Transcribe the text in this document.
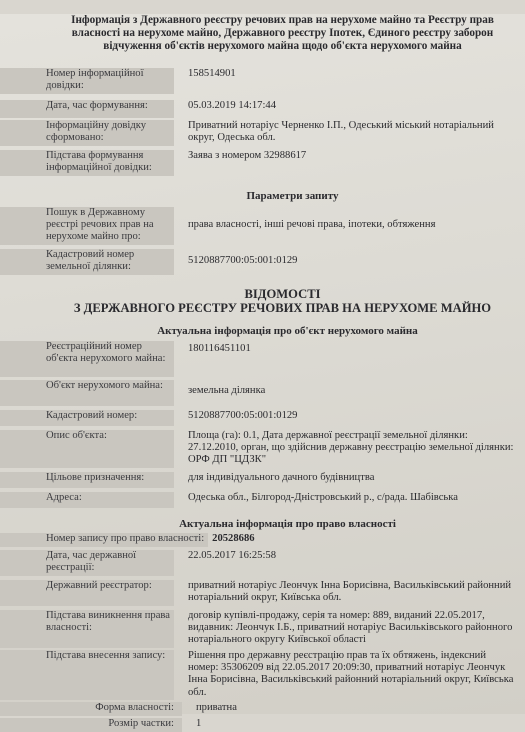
Інформація з Державного реєстру речових прав на нерухоме майно та Реєстру прав
власності на нерухоме майно, Державного реєстру Іпотек, Єдиного реєстру заборон
відчуження об'єктів нерухомого майна щодо об'єкта нерухомого майна
Номер інформаційної довідки:
158514901
Дата, час формування:	05.03.2019 14:17:44
Інформаційну довідку сформовано:
Приватний нотаріус Черненко І.П., Одеський міський нотаріальний округ, Одеська обл.
Підстава формування інформаційної довідки:
Заява з номером 32988617
Параметри запиту
Пошук в Державному реєстрі речових прав на нерухоме майно про:
права власності, інші речові права, іпотеки, обтяження
Кадастровий номер земельної ділянки:
5120887700:05:001:0129
ВІДОМОСТІ
З ДЕРЖАВНОГО РЕЄСТРУ РЕЧОВИХ ПРАВ НА НЕРУХОМЕ МАЙНО
Актуальна інформація про об'єкт нерухомого майна
Реєстраційний номер об'єкта нерухомого майна:
180116451101
Об'єкт нерухомого майна:	земельна ділянка
Кадастровий номер:	5120887700:05:001:0129
Опис об'єкта:	Площа (га): 0.1, Дата державної реєстрації земельної ділянки: 27.12.2010, орган, що здійснив державну реєстрацію земельної ділянки: ОРФ ДП "ЦДЗК"
Цільове призначення:	для індивідуального дачного будівництва
Адреса:	Одеська обл., Білгород-Дністровський р., с/рада. Шабівська
Актуальна інформація про право власності
Номер запису про право власності: 20528686
Дата, час державної реєстрації:
22.05.2017 16:25:58
Державний реєстратор:	приватний нотаріус Леончук Інна Борисівна, Васильківський районний нотаріальний округ, Київська обл.
Підстава виникнення права власності:
договір купівлі-продажу, серія та номер: 889, виданий 22.05.2017, видавник: Леончук І.Б., приватний нотаріус Васильківського районного нотаріального округу Київської області
Підстава внесення запису:	Рішення про державну реєстрацію прав та їх обтяжень, індексний номер: 35306209 від 22.05.2017 20:09:30, приватний нотаріус Леончук Інна Борисівна, Васильківський районний нотаріальний округ, Київська обл.
Форма власності:	приватна
Розмір частки:	1
